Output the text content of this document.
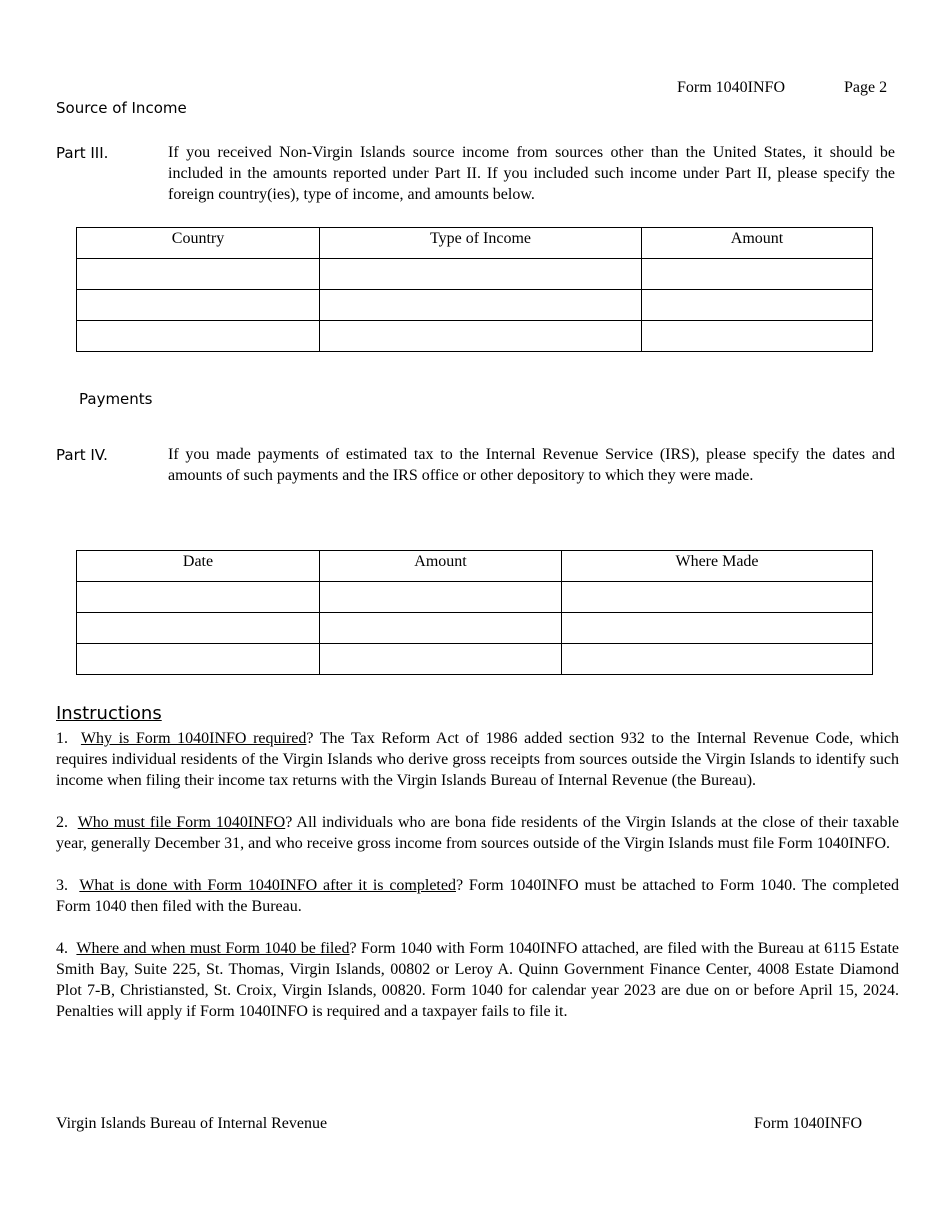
Form 1040INFO	Page 2
Source of Income
Part III.	If you received Non-Virgin Islands source income from sources other than the United States, it should be included in the amounts reported under Part II. If you included such income under Part II, please specify the foreign country(ies), type of income, and amounts below.
Country	Type of Income	Amount

Payments
Part IV.	If you made payments of estimated tax to the Internal Revenue Service (IRS), please specify the dates and amounts of such payments and the IRS office or other depository to which they were made.
Date	Amount	Where Made

Instructions

1. Why is Form 1040INFO required? The Tax Reform Act of 1986 added section 932 to the Internal Revenue Code, which requires individual residents of the Virgin Islands who derive gross receipts from sources outside the Virgin Islands to identify such income when filing their income tax returns with the Virgin Islands Bureau of Internal Revenue (the Bureau).

2. Who must file Form 1040INFO? All individuals who are bona fide residents of the Virgin Islands at the close of their taxable year, generally December 31, and who receive gross income from sources outside of the Virgin Islands must file Form 1040INFO.

3. What is done with Form 1040INFO after it is completed? Form 1040INFO must be attached to Form 1040. The completed Form 1040 then filed with the Bureau.

4. Where and when must Form 1040 be filed? Form 1040 with Form 1040INFO attached, are filed with the Bureau at 6115 Estate Smith Bay, Suite 225, St. Thomas, Virgin Islands, 00802 or Leroy A. Quinn Government Finance Center, 4008 Estate Diamond Plot 7-B, Christiansted, St. Croix, Virgin Islands, 00820. Form 1040 for calendar year 2023 are due on or before April 15, 2024. Penalties will apply if Form 1040INFO is required and a taxpayer fails to file it.

Virgin Islands Bureau of Internal Revenue	Form 1040INFO
